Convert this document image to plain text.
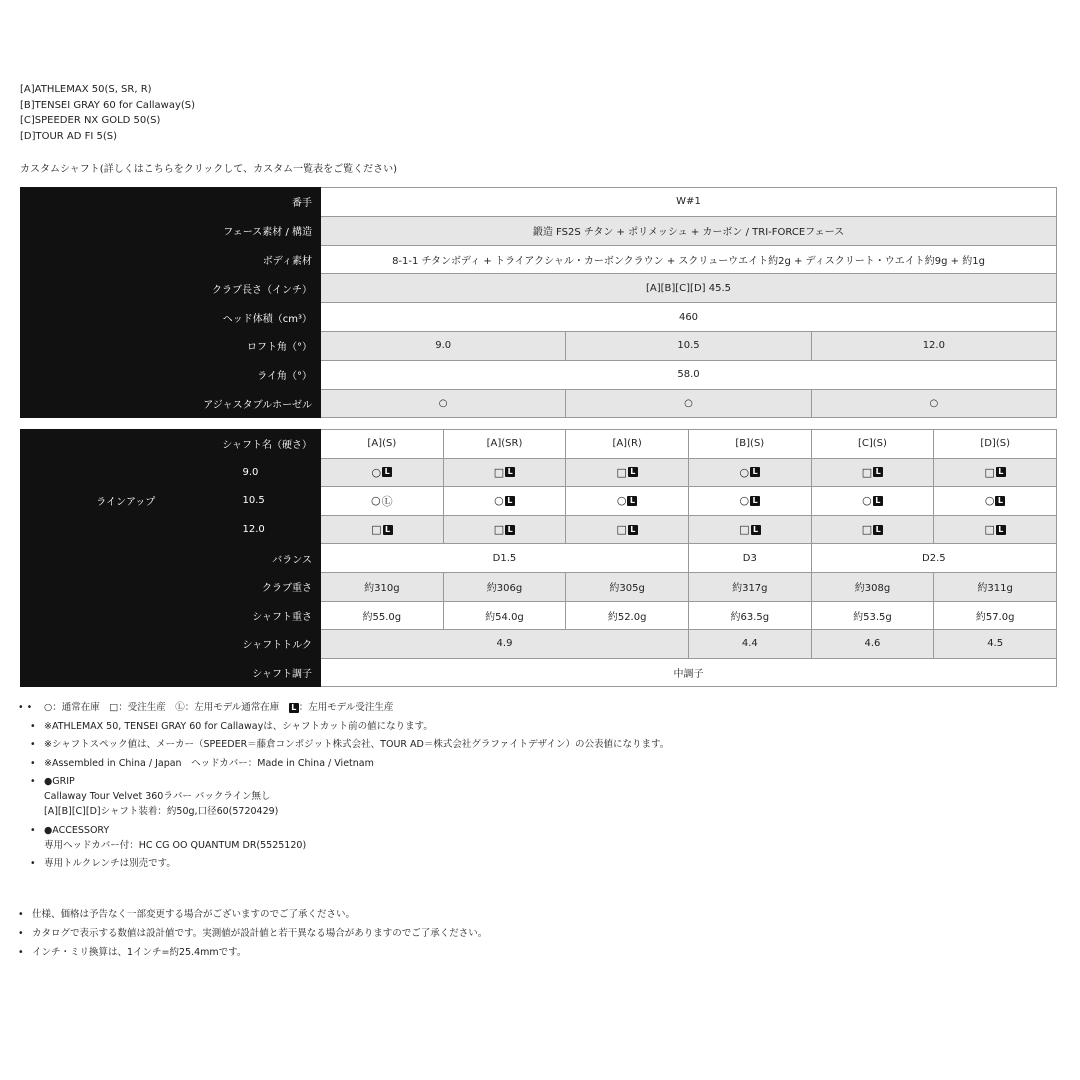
[A]ATHLEMAX 50(S, SR, R)
[B]TENSEI GRAY 60 for Callaway(S)
[C]SPEEDER NX GOLD 50(S)
[D]TOUR AD FI 5(S)
カスタムシャフト(詳しくはこちらをクリックして、カスタム一覧表をご覧ください)
番手	W#1		
フェース素材 / 構造	鍛造 FS2S チタン + ポリメッシュ + カーボン / TRI-FORCEフェース		
ボディ素材	8-1-1 チタンボディ + トライアクシャル・カーボンクラウン + スクリューウエイト約2g + ディスクリート・ウエイト約9g + 約1g		
クラブ長さ（インチ）	[A][B][C][D] 45.5		
ヘッド体積（cm³）	460		
ロフト角（°）	9.0	10.5	12.0
ライ角（°）	58.0		
アジャスタブルホーゼル	○	○	○
シャフト名（硬さ）		[A](S)	[A](SR)	[A](R)	[B](S)	[C](S)	[D](S)
ラインアップ	9.0	○ L	□ L	□ L	○ L	□ L	□ L

	10.5	○ Ⓛ	○ L	○ L	○ L	○ L	○ L

	12.0	□ L	□ L	□ L	□ L	□ L	□ L

バランス		D1.5			D3	D2.5	
クラブ重さ		約310g	約306g	約305g	約317g	約308g	約311g
シャフト重さ		約55.0g	約54.0g	約52.0g	約63.5g	約53.5g	約57.0g
シャフトトルク		4.9			4.4	4.6	4.5
シャフト調子		中調子					
• • ○：通常在庫　□：受注生産　Ⓛ：左用モデル通常在庫　L ：左用モデル受注生産
• ※ATHLEMAX 50, TENSEI GRAY 60 for Callawayは、シャフトカット前の値になります。
• ※シャフトスペック値は、メーカー（SPEEDER＝藤倉コンポジット株式会社、TOUR AD＝株式会社グラファイトデザイン）の公表値になります。
• ※Assembled in China / Japan　ヘッドカバー：Made in China / Vietnam
• ●GRIP
Callaway Tour Velvet 360ラバー バックライン無し
[A][B][C][D]シャフト装着：約50g,口径60(5720429)
• ●ACCESSORY
専用ヘッドカバー付：HC CG OO QUANTUM DR(5525120)
• 専用トルクレンチは別売です。
• 仕様、価格は予告なく一部変更する場合がございますのでご了承ください。
• カタログで表示する数値は設計値です。実測値が設計値と若干異なる場合がありますのでご了承ください。
• インチ・ミリ換算は、1インチ=約25.4mmです。
